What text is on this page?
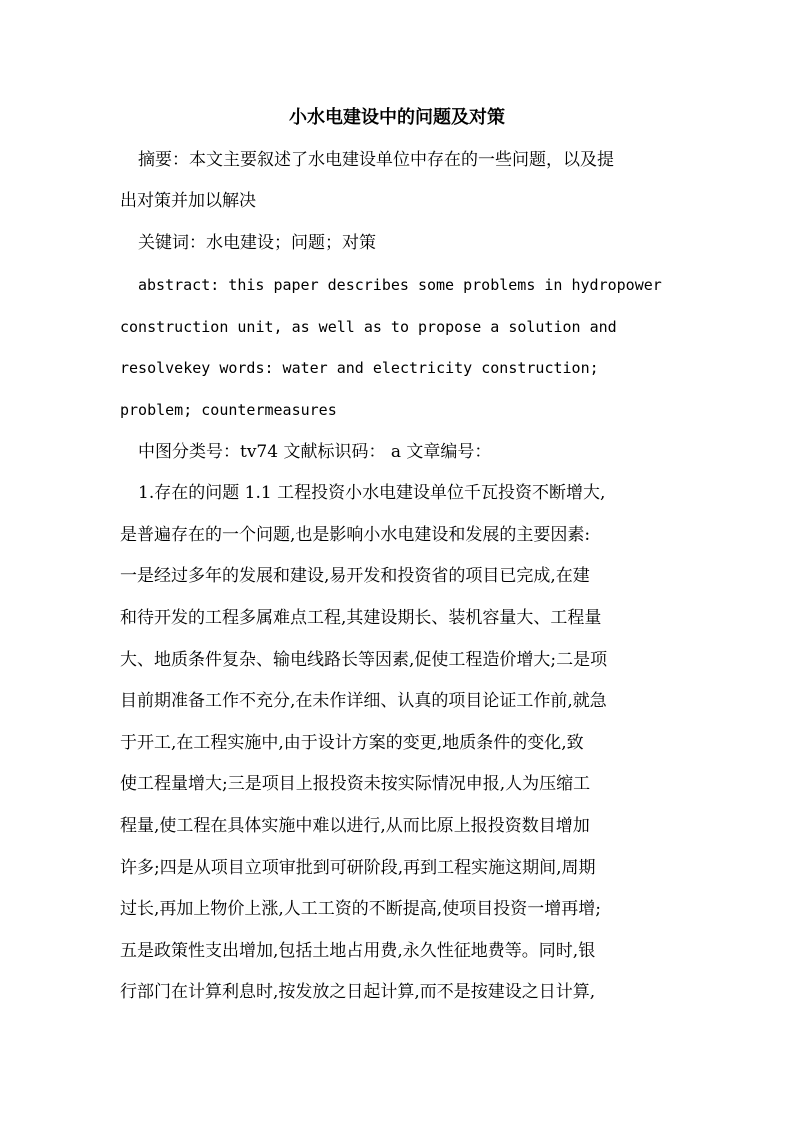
小水电建设中的问题及对策
摘要：本文主要叙述了水电建设单位中存在的一些问题，以及提
出对策并加以解决
关键词：水电建设；问题；对策
abstract: this paper describes some problems in hydropower
construction unit, as well as to propose a solution and
resolvekey words: water and electricity construction;
problem; countermeasures
中图分类号：tv74 文献标识码： a 文章编号：
1.存在的问题 1.1 工程投资小水电建设单位千瓦投资不断增大,
是普遍存在的一个问题,也是影响小水电建设和发展的主要因素:
一是经过多年的发展和建设,易开发和投资省的项目已完成,在建
和待开发的工程多属难点工程,其建设期长、装机容量大、工程量
大、地质条件复杂、输电线路长等因素,促使工程造价增大;二是项
目前期准备工作不充分,在未作详细、认真的项目论证工作前,就急
于开工,在工程实施中,由于设计方案的变更,地质条件的变化,致
使工程量增大;三是项目上报投资未按实际情况申报,人为压缩工
程量,使工程在具体实施中难以进行,从而比原上报投资数目增加
许多;四是从项目立项审批到可研阶段,再到工程实施这期间,周期
过长,再加上物价上涨,人工工资的不断提高,使项目投资一增再增;
五是政策性支出增加,包括土地占用费,永久性征地费等。同时,银
行部门在计算利息时,按发放之日起计算,而不是按建设之日计算,
